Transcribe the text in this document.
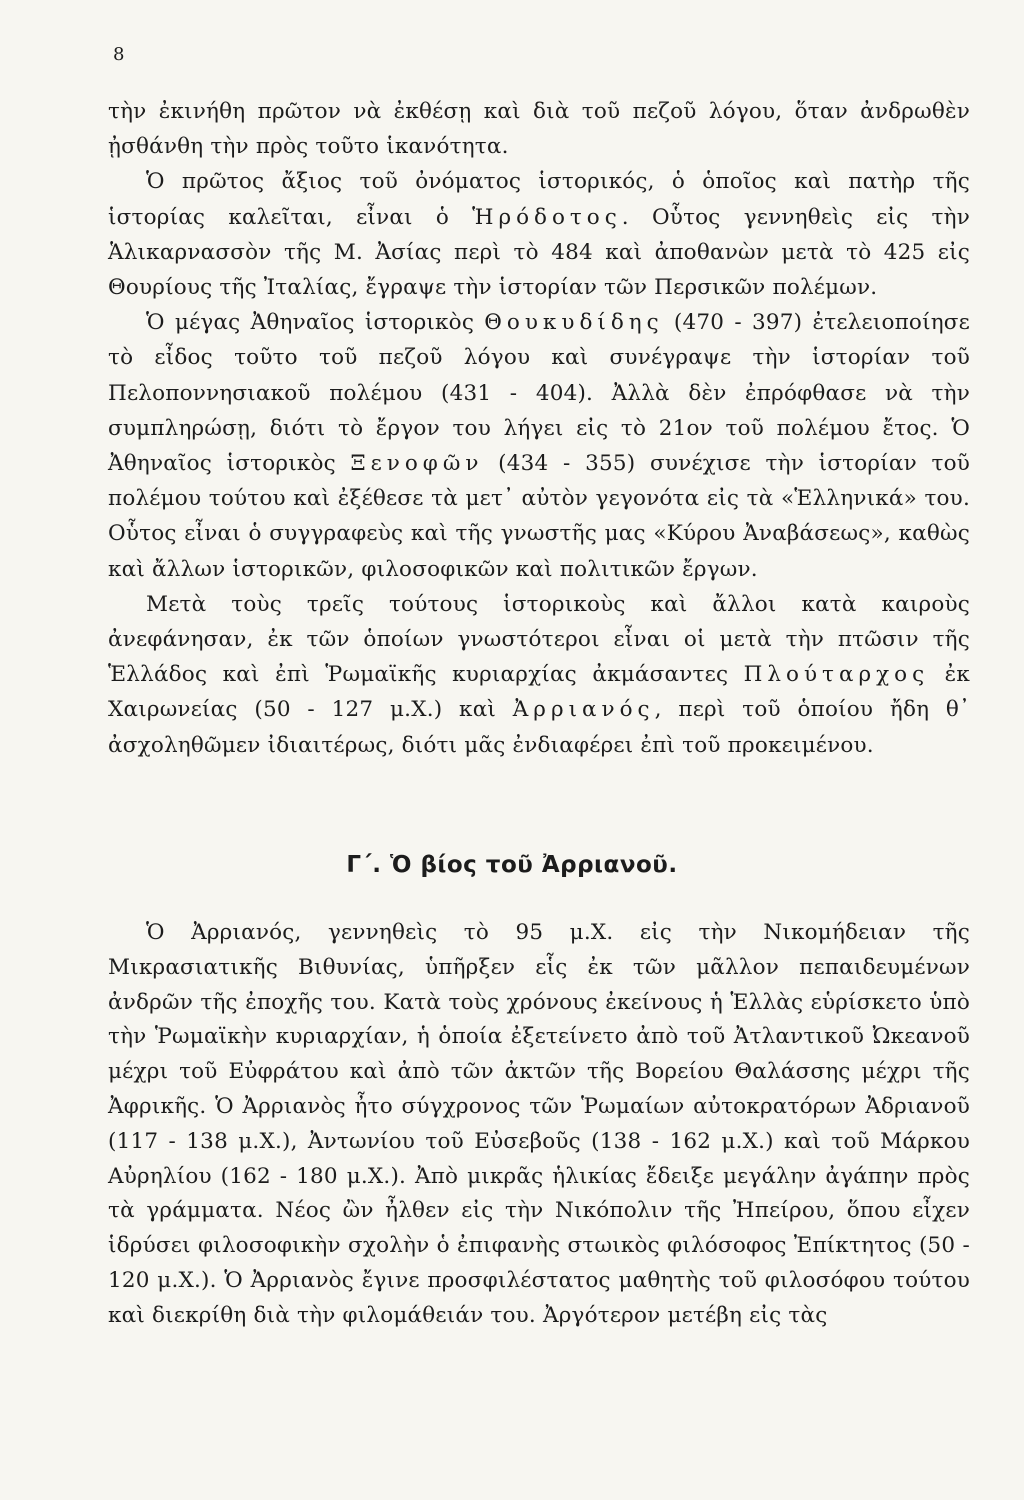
8

τὴν ἐκινήθη πρῶτον νὰ ἐκθέσῃ καὶ διὰ τοῦ πεζοῦ λόγου, ὅταν ἀνδρωθὲν ᾐσθάνθη τὴν πρὸς τοῦτο ἱκανότητα.

Ὁ πρῶτος ἄξιος τοῦ ὀνόματος ἱστορικός, ὁ ὁποῖος καὶ πατὴρ τῆς ἱστορίας καλεῖται, εἶναι ὁ Ἡρόδοτος. Οὗτος γεννηθεὶς εἰς τὴν Ἁλικαρνασσὸν τῆς Μ. Ἀσίας περὶ τὸ 484 καὶ ἀποθανὼν μετὰ τὸ 425 εἰς Θουρίους τῆς Ἰταλίας, ἔγραψε τὴν ἱστορίαν τῶν Περσικῶν πολέμων.

Ὁ μέγας Ἀθηναῖος ἱστορικὸς Θουκυδίδης (470 - 397) ἐτελειοποίησε τὸ εἶδος τοῦτο τοῦ πεζοῦ λόγου καὶ συνέγραψε τὴν ἱστορίαν τοῦ Πελοποννησιακοῦ πολέμου (431 - 404). Ἀλλὰ δὲν ἐπρόφθασε νὰ τὴν συμπληρώσῃ, διότι τὸ ἔργον του λήγει εἰς τὸ 21ον τοῦ πολέμου ἔτος. Ὁ Ἀθηναῖος ἱστορικὸς Ξενοφῶν (434 - 355) συνέχισε τὴν ἱστορίαν τοῦ πολέμου τούτου καὶ ἐξέθεσε τὰ μετ᾽ αὐτὸν γεγονότα εἰς τὰ «Ἑλληνικά» του. Οὗτος εἶναι ὁ συγγραφεὺς καὶ τῆς γνωστῆς μας «Κύρου Ἀναβάσεως», καθὼς καὶ ἄλλων ἱστορικῶν, φιλοσοφικῶν καὶ πολιτικῶν ἔργων.

Μετὰ τοὺς τρεῖς τούτους ἱστορικοὺς καὶ ἄλλοι κατὰ καιροὺς ἀνεφάνησαν, ἐκ τῶν ὁποίων γνωστότεροι εἶναι οἱ μετὰ τὴν πτῶσιν τῆς Ἑλλάδος καὶ ἐπὶ Ῥωμαϊκῆς κυριαρχίας ἀκμάσαντες Πλούταρχος ἐκ Χαιρωνείας (50 - 127 μ.Χ.) καὶ Ἀρριανός, περὶ τοῦ ὁποίου ἤδη θ᾽ ἀσχοληθῶμεν ἰδιαιτέρως, διότι μᾶς ἐνδιαφέρει ἐπὶ τοῦ προκειμένου.

Γ΄. Ὁ βίος τοῦ Ἀρριανοῦ.

Ὁ Ἀρριανός, γεννηθεὶς τὸ 95 μ.Χ. εἰς τὴν Νικομήδειαν τῆς Μικρασιατικῆς Βιθυνίας, ὑπῆρξεν εἷς ἐκ τῶν μᾶλλον πεπαιδευμένων ἀνδρῶν τῆς ἐποχῆς του. Κατὰ τοὺς χρόνους ἐκείνους ἡ Ἑλλὰς εὑρίσκετο ὑπὸ τὴν Ῥωμαϊκὴν κυριαρχίαν, ἡ ὁποία ἐξετείνετο ἀπὸ τοῦ Ἀτλαντικοῦ Ὠκεανοῦ μέχρι τοῦ Εὐφράτου καὶ ἀπὸ τῶν ἀκτῶν τῆς Βορείου Θαλάσσης μέχρι τῆς Ἀφρικῆς. Ὁ Ἀρριανὸς ἦτο σύγχρονος τῶν Ῥωμαίων αὐτοκρατόρων Ἀδριανοῦ (117 - 138 μ.Χ.), Ἀντωνίου τοῦ Εὐσεβοῦς (138 - 162 μ.Χ.) καὶ τοῦ Μάρκου Αὐρηλίου (162 - 180 μ.Χ.). Ἀπὸ μικρᾶς ἡλικίας ἔδειξε μεγάλην ἀγάπην πρὸς τὰ γράμματα. Νέος ὢν ἦλθεν εἰς τὴν Νικόπολιν τῆς Ἠπείρου, ὅπου εἶχεν ἱδρύσει φιλοσοφικὴν σχολὴν ὁ ἐπιφανὴς στωικὸς φιλόσοφος Ἐπίκτητος (50 - 120 μ.Χ.). Ὁ Ἀρριανὸς ἔγινε προσφιλέστατος μαθητὴς τοῦ φιλοσόφου τούτου καὶ διεκρίθη διὰ τὴν φιλομάθειάν του. Ἀργότερον μετέβη εἰς τὰς
